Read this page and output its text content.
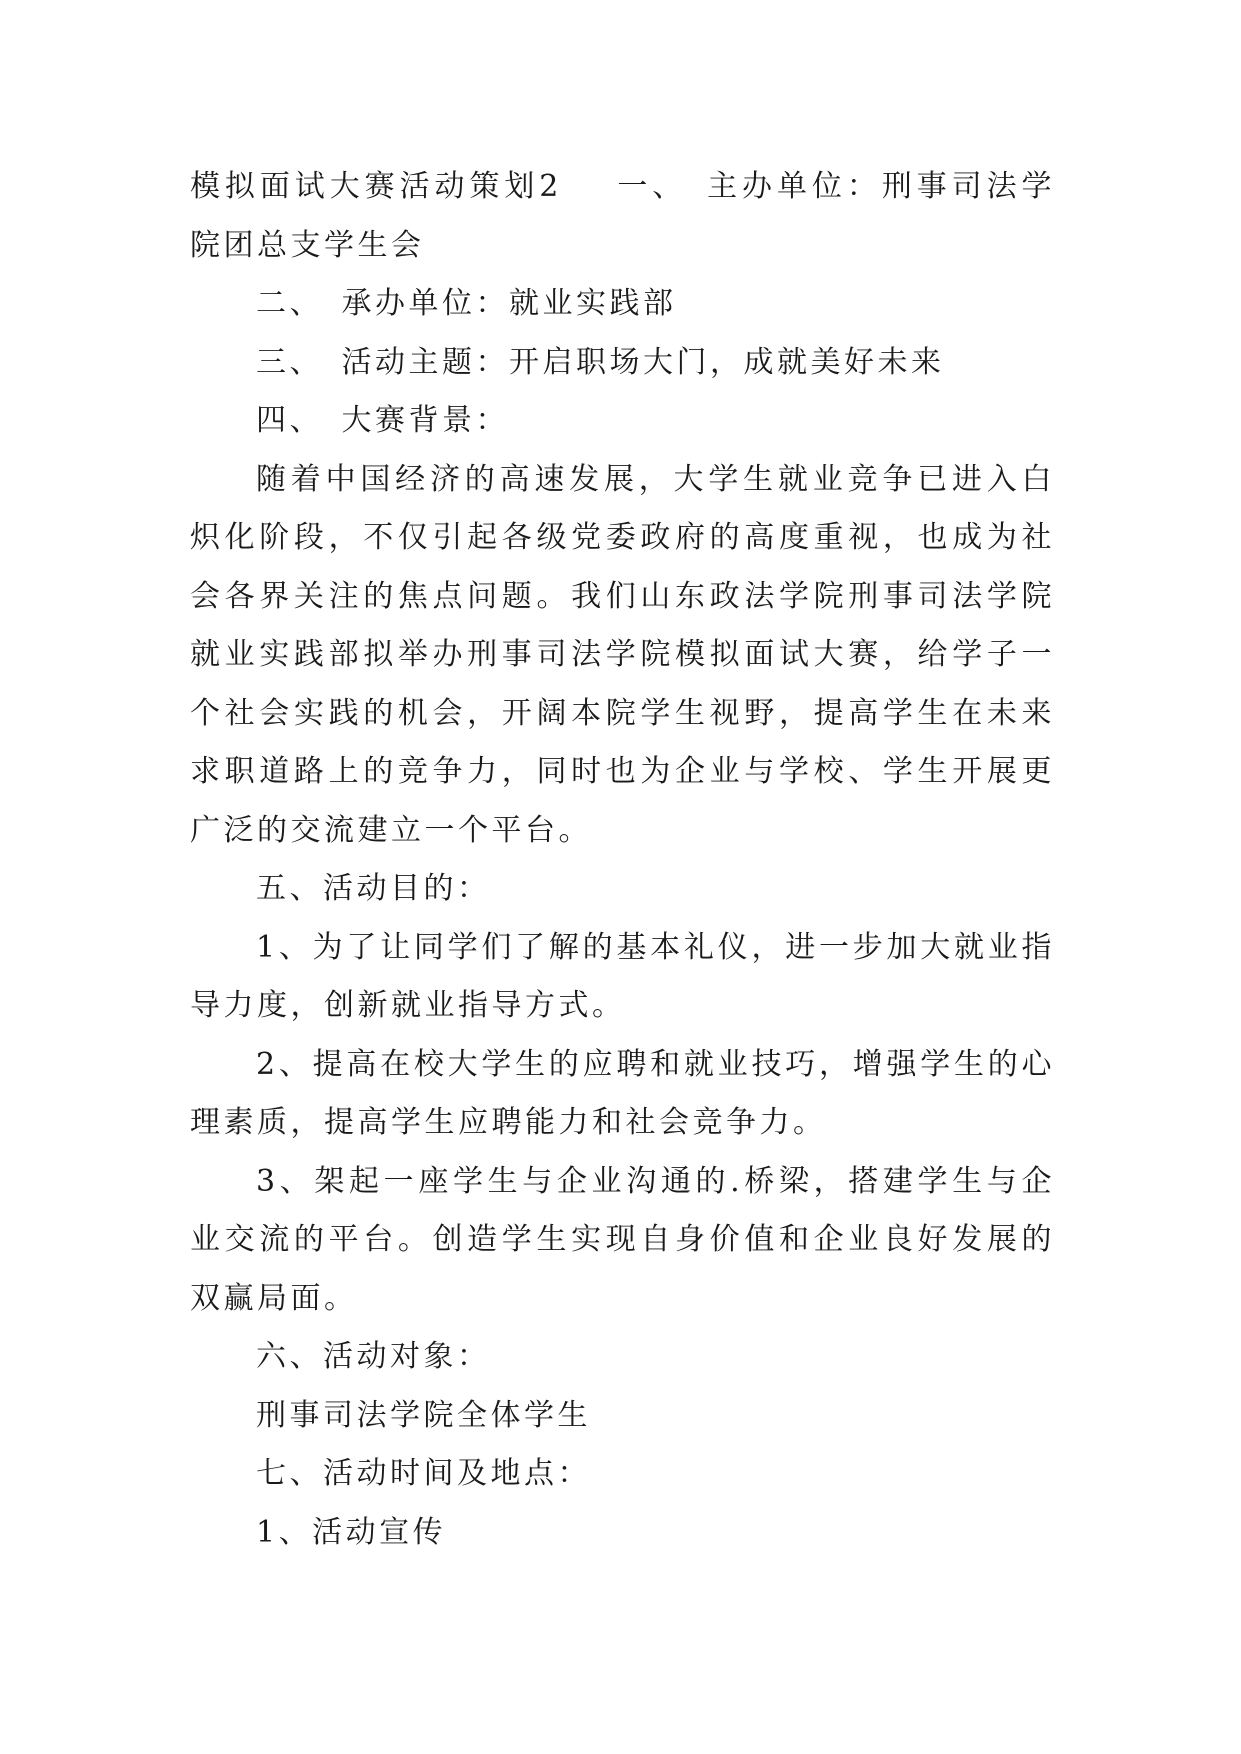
模拟面试大赛活动策划2 一、　主办单位：刑事司法学院团总支学生会

二、　承办单位：就业实践部

三、　活动主题：开启职场大门，成就美好未来

四、　大赛背景：

随着中国经济的高速发展，大学生就业竞争已进入白炽化阶段，不仅引起各级党委政府的高度重视，也成为社会各界关注的焦点问题。我们山东政法学院刑事司法学院就业实践部拟举办刑事司法学院模拟面试大赛，给学子一个社会实践的机会，开阔本院学生视野，提高学生在未来求职道路上的竞争力，同时也为企业与学校、学生开展更广泛的交流建立一个平台。

五、活动目的：

1、为了让同学们了解的基本礼仪，进一步加大就业指导力度，创新就业指导方式。

2、提高在校大学生的应聘和就业技巧，增强学生的心理素质，提高学生应聘能力和社会竞争力。

3、架起一座学生与企业沟通的.桥梁，搭建学生与企业交流的平台。创造学生实现自身价值和企业良好发展的双赢局面。

六、活动对象：

刑事司法学院全体学生

七、活动时间及地点：

1、活动宣传
